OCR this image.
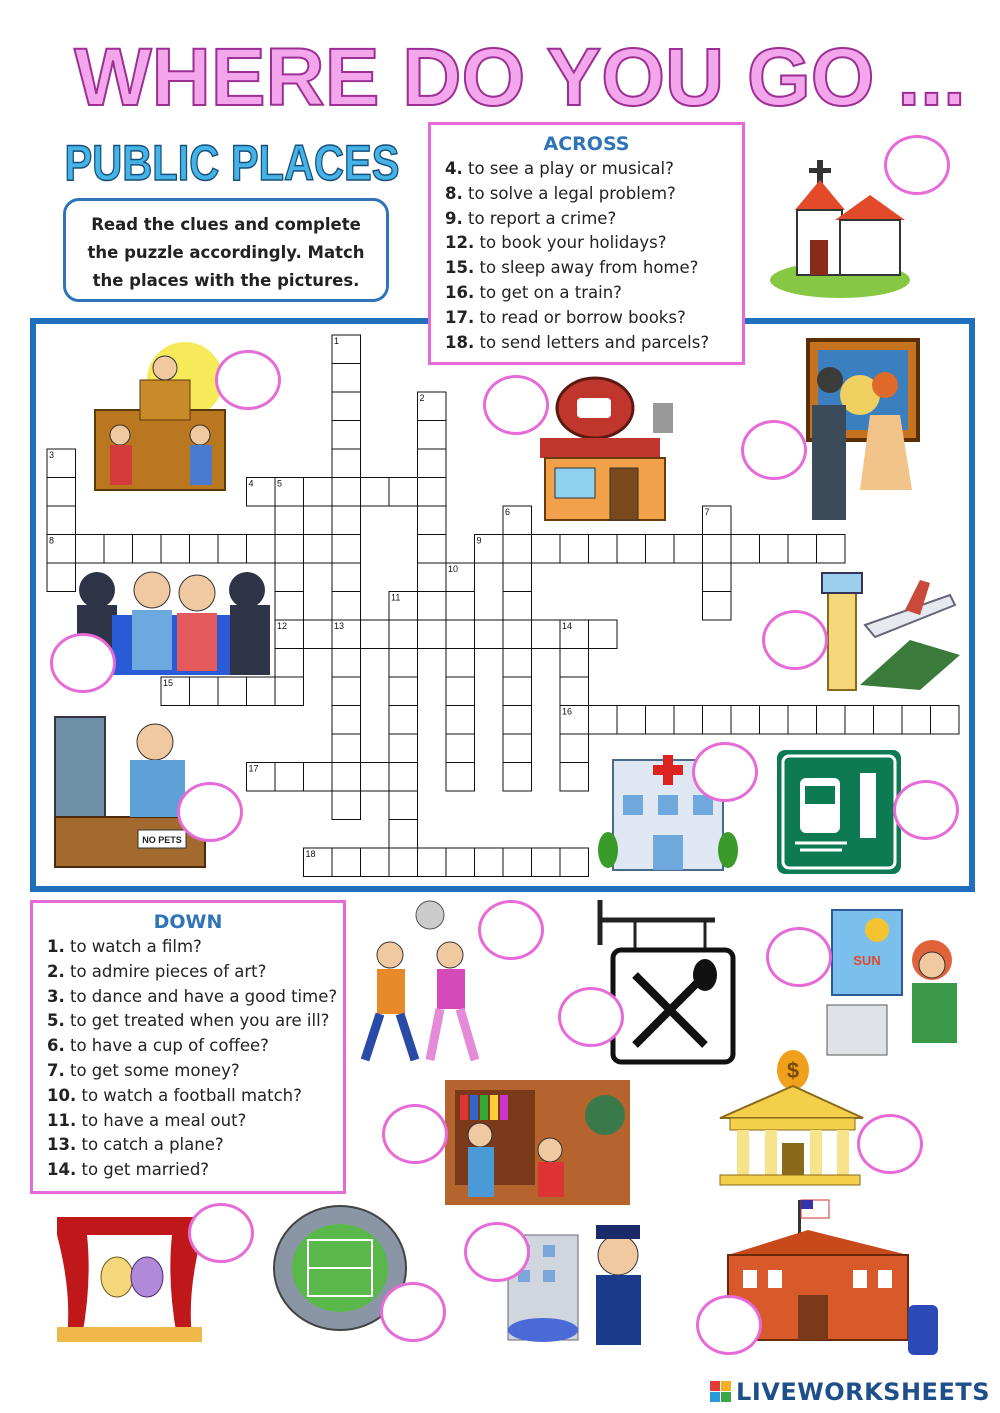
WHERE DO YOU GO ...
PUBLIC PLACES
Read the clues and complete the puzzle accordingly. Match the places with the pictures.
4
8	9
12
15
16
17
18
1
2
3
5
6	7
10
11
13	14
ACROSS
4. to see a play or musical?
8. to solve a legal problem?
9. to report a crime?
12. to book your holidays?
15. to sleep away from home?
16. to get on a train?
17. to read or borrow books?
18. to send letters and parcels?
DOWN
1. to watch a film?
2. to admire pieces of art?
3. to dance and have a good time?
5. to get treated when you are ill?
6. to have a cup of coffee?
7. to get some money?
10. to watch a football match?
11. to have a meal out?
13. to catch a plane?
14. to get married?
NO PETS
SUN
$
LIVEWORKSHEETS
